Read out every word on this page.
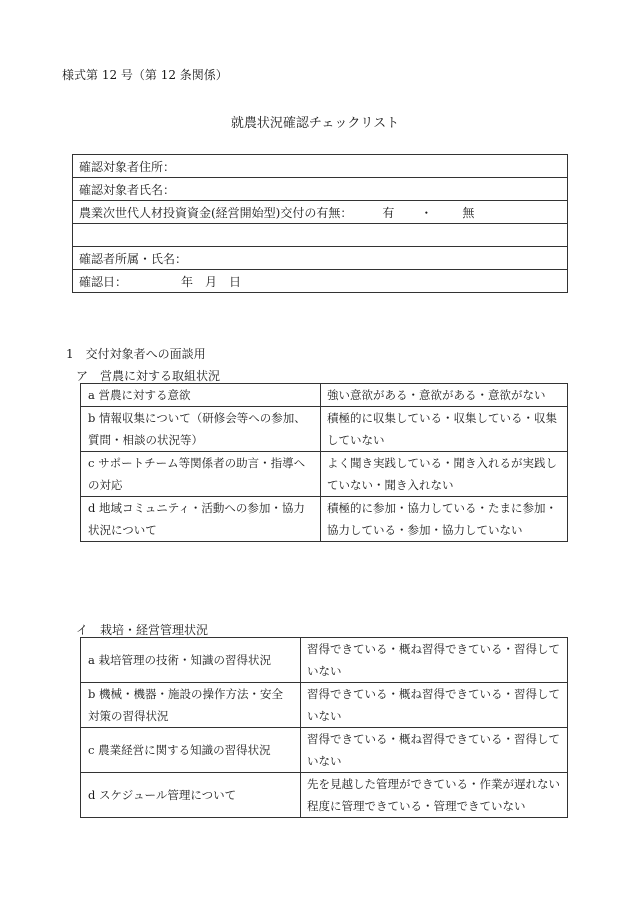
様式第 12 号（第 12 条関係）
就農状況確認チェックリスト
確認対象者住所：
確認対象者氏名：
農業次世代人材投資資金(経営開始型)交付の有無：	有 ・	無

確認者所属・氏名：
確認日：	年 月 日
1　交付対象者への面談用
ア　営農に対する取組状況
a 営農に対する意欲	強い意欲がある・意欲がある・意欲がない
b 情報収集について（研修会等への参加、質問・相談の状況等）	積極的に収集している・収集している・収集していない
c サポートチーム等関係者の助言・指導への対応	よく聞き実践している・聞き入れるが実践していない・聞き入れない
d 地域コミュニティ・活動への参加・協力状況について	積極的に参加・協力している・たまに参加・協力している・参加・協力していない
イ　栽培・経営管理状況
a 栽培管理の技術・知識の習得状況	習得できている・概ね習得できている・習得していない
b 機械・機器・施設の操作方法・安全対策の習得状況	習得できている・概ね習得できている・習得していない
c 農業経営に関する知識の習得状況	習得できている・概ね習得できている・習得していない
d スケジュール管理について	先を見越した管理ができている・作業が遅れない程度に管理できている・管理できていない
